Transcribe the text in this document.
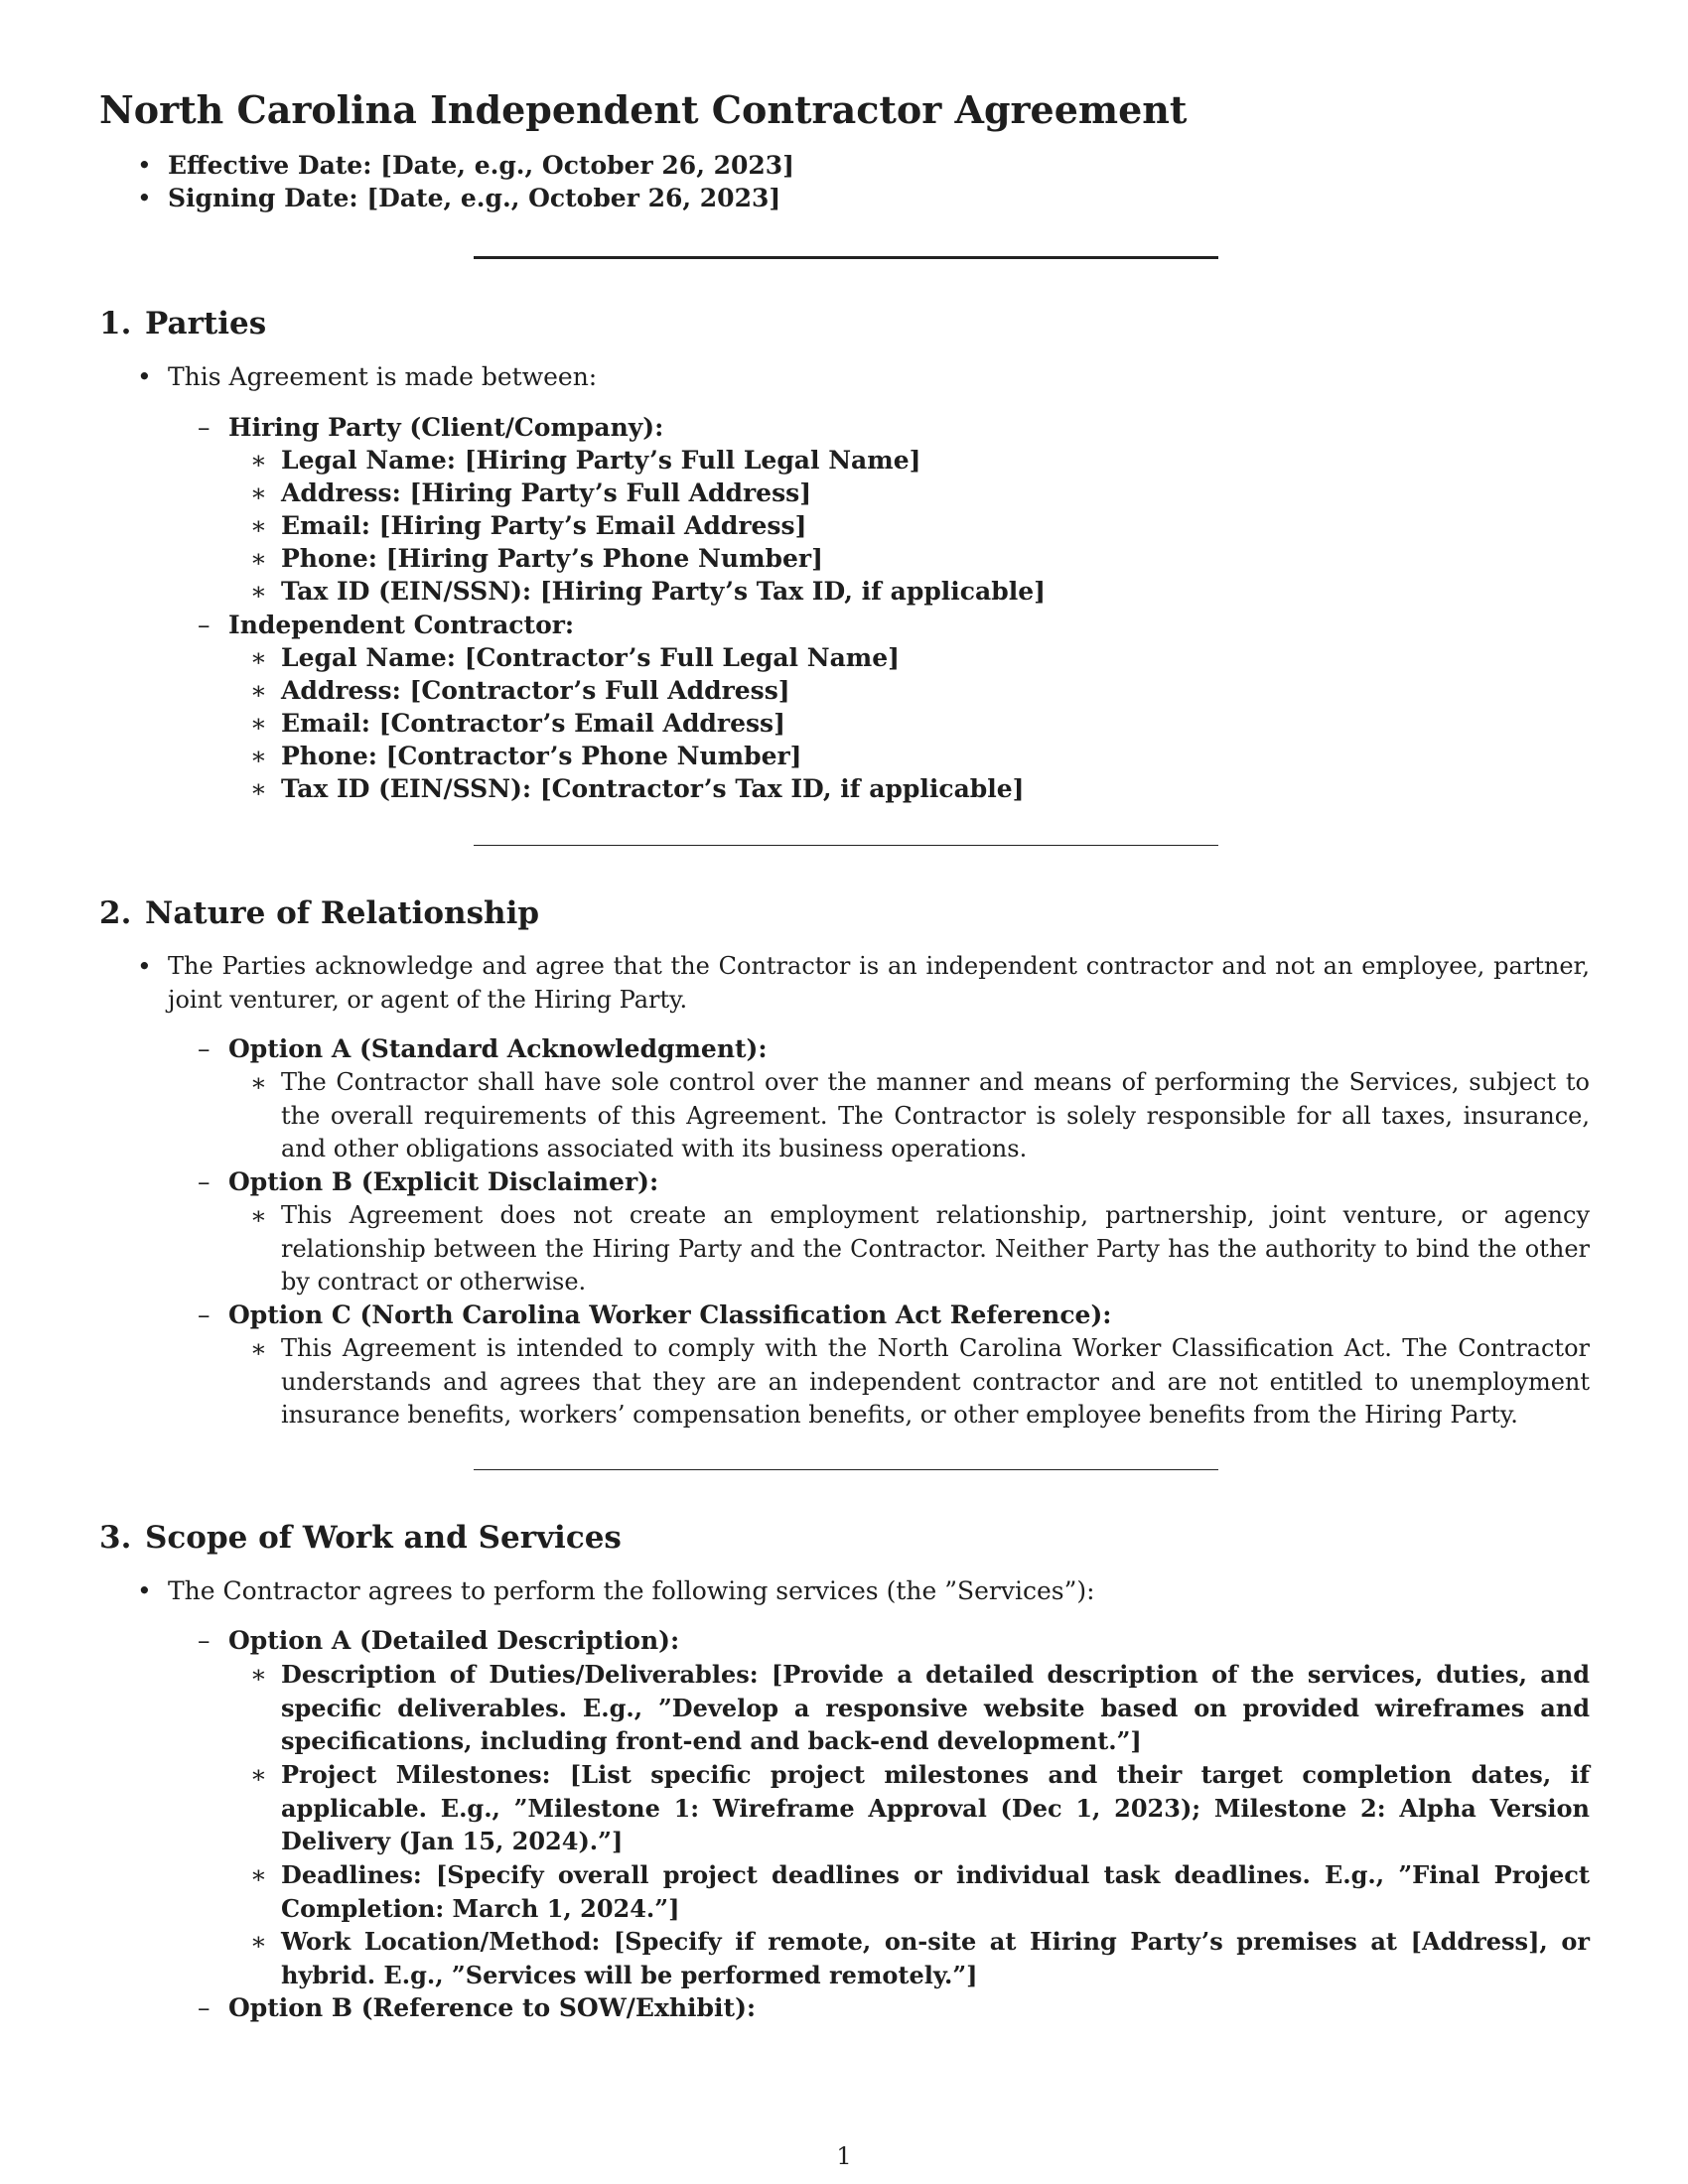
North Carolina Independent Contractor Agreement
• Effective Date: [Date, e.g., October 26, 2023]
• Signing Date: [Date, e.g., October 26, 2023]
1. Parties
• This Agreement is made between:
– Hiring Party (Client/Company):
∗ Legal Name: [Hiring Party’s Full Legal Name]
∗ Address: [Hiring Party’s Full Address]
∗ Email: [Hiring Party’s Email Address]
∗ Phone: [Hiring Party’s Phone Number]
∗ Tax ID (EIN/SSN): [Hiring Party’s Tax ID, if applicable]
– Independent Contractor:
∗ Legal Name: [Contractor’s Full Legal Name]
∗ Address: [Contractor’s Full Address]
∗ Email: [Contractor’s Email Address]
∗ Phone: [Contractor’s Phone Number]
∗ Tax ID (EIN/SSN): [Contractor’s Tax ID, if applicable]
2. Nature of Relationship
• The Parties acknowledge and agree that the Contractor is an independent contractor and not an employee, partner, joint venturer, or agent of the Hiring Party.

– Option A (Standard Acknowledgment):
∗ The Contractor shall have sole control over the manner and means of performing the Services, subject to the overall requirements of this Agreement. The Contractor is solely responsible for all taxes, insurance, and other obligations associated with its business operations.

– Option B (Explicit Disclaimer):
∗ This Agreement does not create an employment relationship, partnership, joint venture, or agency relationship between the Hiring Party and the Contractor. Neither Party has the authority to bind the other by contract or otherwise.

– Option C (North Carolina Worker Classification Act Reference):
∗ This Agreement is intended to comply with the North Carolina Worker Classification Act. The Contractor understands and agrees that they are an independent contractor and are not entitled to unemployment insurance benefits, workers’ compensation benefits, or other employee benefits from the Hiring Party.

3. Scope of Work and Services
• The Contractor agrees to perform the following services (the ”Services”):
– Option A (Detailed Description):
∗ Description of Duties/Deliverables: [Provide a detailed description of the services, duties, and specific deliverables. E.g., ”Develop a responsive website based on provided wireframes and specifications, including front-end and back-end development.”]

∗ Project Milestones: [List specific project milestones and their target completion dates, if applicable. E.g., ”Milestone 1: Wireframe Approval (Dec 1, 2023); Milestone 2: Alpha Version Delivery (Jan 15, 2024).”]

∗ Deadlines: [Specify overall project deadlines or individual task deadlines. E.g., ”Final Project Completion: March 1, 2024.”]

∗ Work Location/Method: [Specify if remote, on-site at Hiring Party’s premises at [Address], or hybrid. E.g., ”Services will be performed remotely.”]

– Option B (Reference to SOW/Exhibit):
1
